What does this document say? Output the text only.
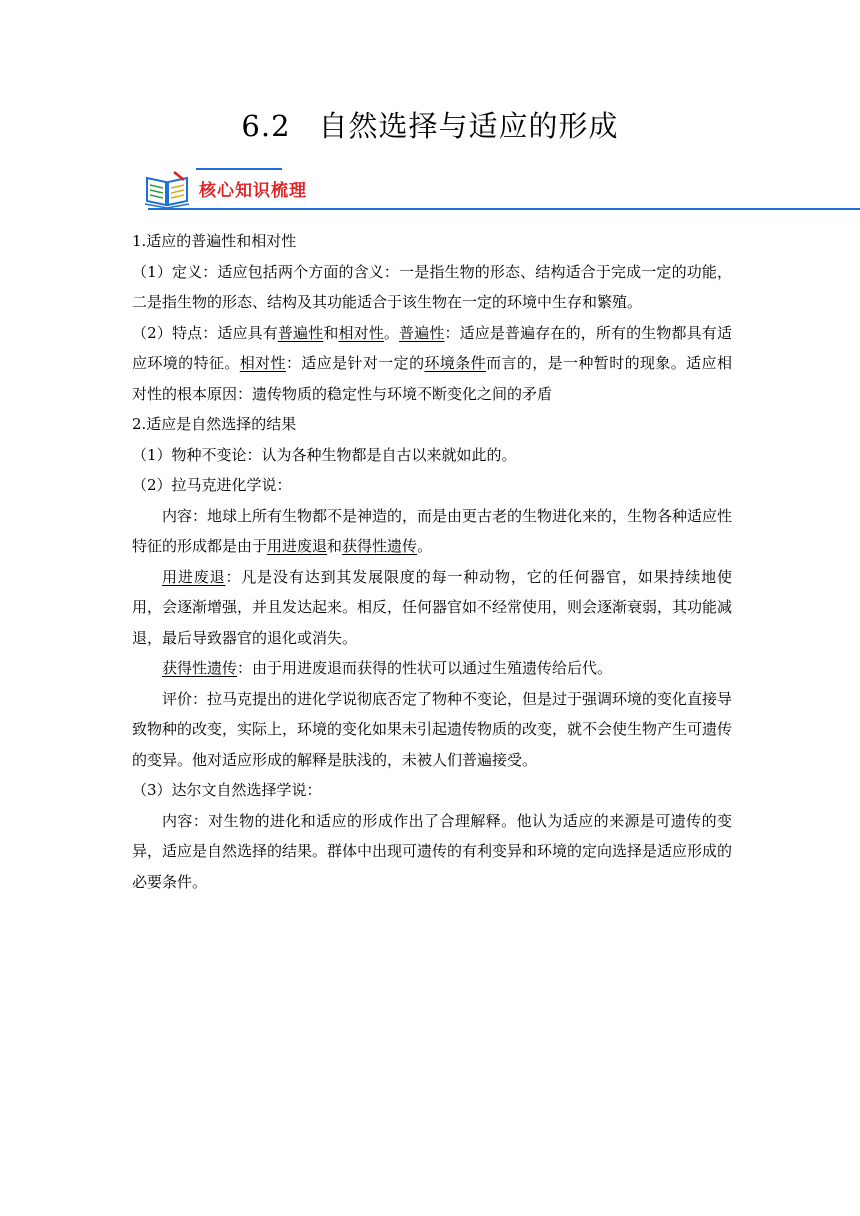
6.2 自然选择与适应的形成
核心知识梳理

1.适应的普遍性和相对性

（1）定义：适应包括两个方面的含义：一是指生物的形态、结构适合于完成一定的功能，二是指生物的形态、结构及其功能适合于该生物在一定的环境中生存和繁殖。

（2）特点：适应具有普遍性和相对性。普遍性：适应是普遍存在的，所有的生物都具有适应环境的特征。相对性：适应是针对一定的环境条件而言的，是一种暂时的现象。适应相对性的根本原因：遗传物质的稳定性与环境不断变化之间的矛盾

2.适应是自然选择的结果

（1）物种不变论：认为各种生物都是自古以来就如此的。

（2）拉马克进化学说：

内容：地球上所有生物都不是神造的，而是由更古老的生物进化来的，生物各种适应性特征的形成都是由于用进废退和获得性遗传。

用进废退：凡是没有达到其发展限度的每一种动物，它的任何器官，如果持续地使用，会逐渐增强，并且发达起来。相反，任何器官如不经常使用，则会逐渐衰弱，其功能减退，最后导致器官的退化或消失。

获得性遗传：由于用进废退而获得的性状可以通过生殖遗传给后代。

评价：拉马克提出的进化学说彻底否定了物种不变论，但是过于强调环境的变化直接导致物种的改变，实际上，环境的变化如果未引起遗传物质的改变，就不会使生物产生可遗传的变异。他对适应形成的解释是肤浅的，未被人们普遍接受。

（3）达尔文自然选择学说：

内容：对生物的进化和适应的形成作出了合理解释。他认为适应的来源是可遗传的变异，适应是自然选择的结果。群体中出现可遗传的有利变异和环境的定向选择是适应形成的必要条件。
